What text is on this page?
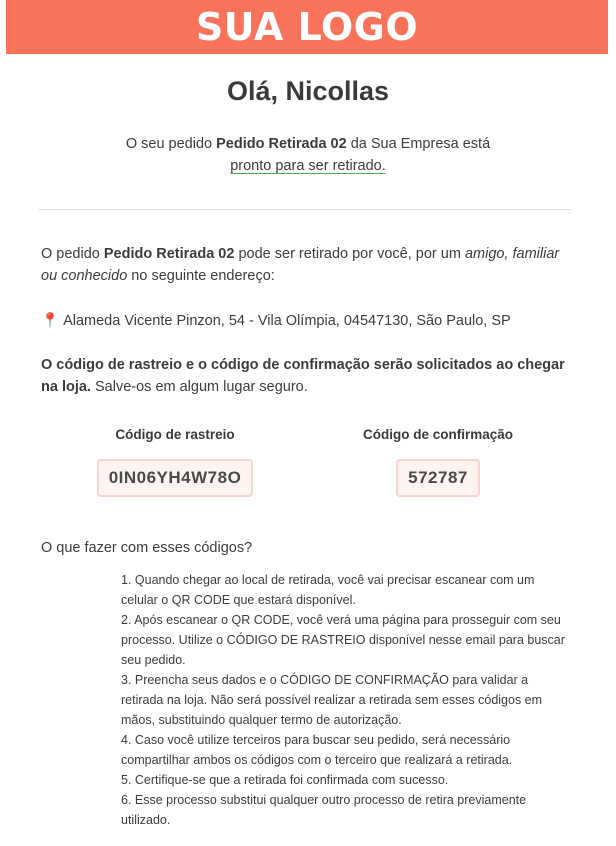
SUA LOGO
Olá, Nicollas
O seu pedido Pedido Retirada 02 da Sua Empresa está
pronto para ser retirado.
O pedido Pedido Retirada 02 pode ser retirado por você, por um amigo, familiar ou conhecido no seguinte endereço:
📍 Alameda Vicente Pinzon, 54 - Vila Olímpia, 04547130, São Paulo, SP
O código de rastreio e o código de confirmação serão solicitados ao chegar na loja. Salve-os em algum lugar seguro.
Código de rastreio
0IN06YH4W78O
Código de confirmação
572787
O que fazer com esses códigos?

1. Quando chegar ao local de retirada, você vai precisar escanear com um celular o QR CODE que estará disponível.

2. Após escanear o QR CODE, você verá uma página para prosseguir com seu processo. Utilize o CÓDIGO DE RASTREIO disponível nesse email para buscar seu pedido.

3. Preencha seus dados e o CÓDIGO DE CONFIRMAÇÃO para validar a retirada na loja. Não será possível realizar a retirada sem esses códigos em mãos, substituindo qualquer termo de autorização.

4. Caso você utilize terceiros para buscar seu pedido, será necessário compartilhar ambos os códigos com o terceiro que realizará a retirada.

5. Certifique-se que a retirada foi confirmada com sucesso.

6. Esse processo substitui qualquer outro processo de retira previamente utilizado.
